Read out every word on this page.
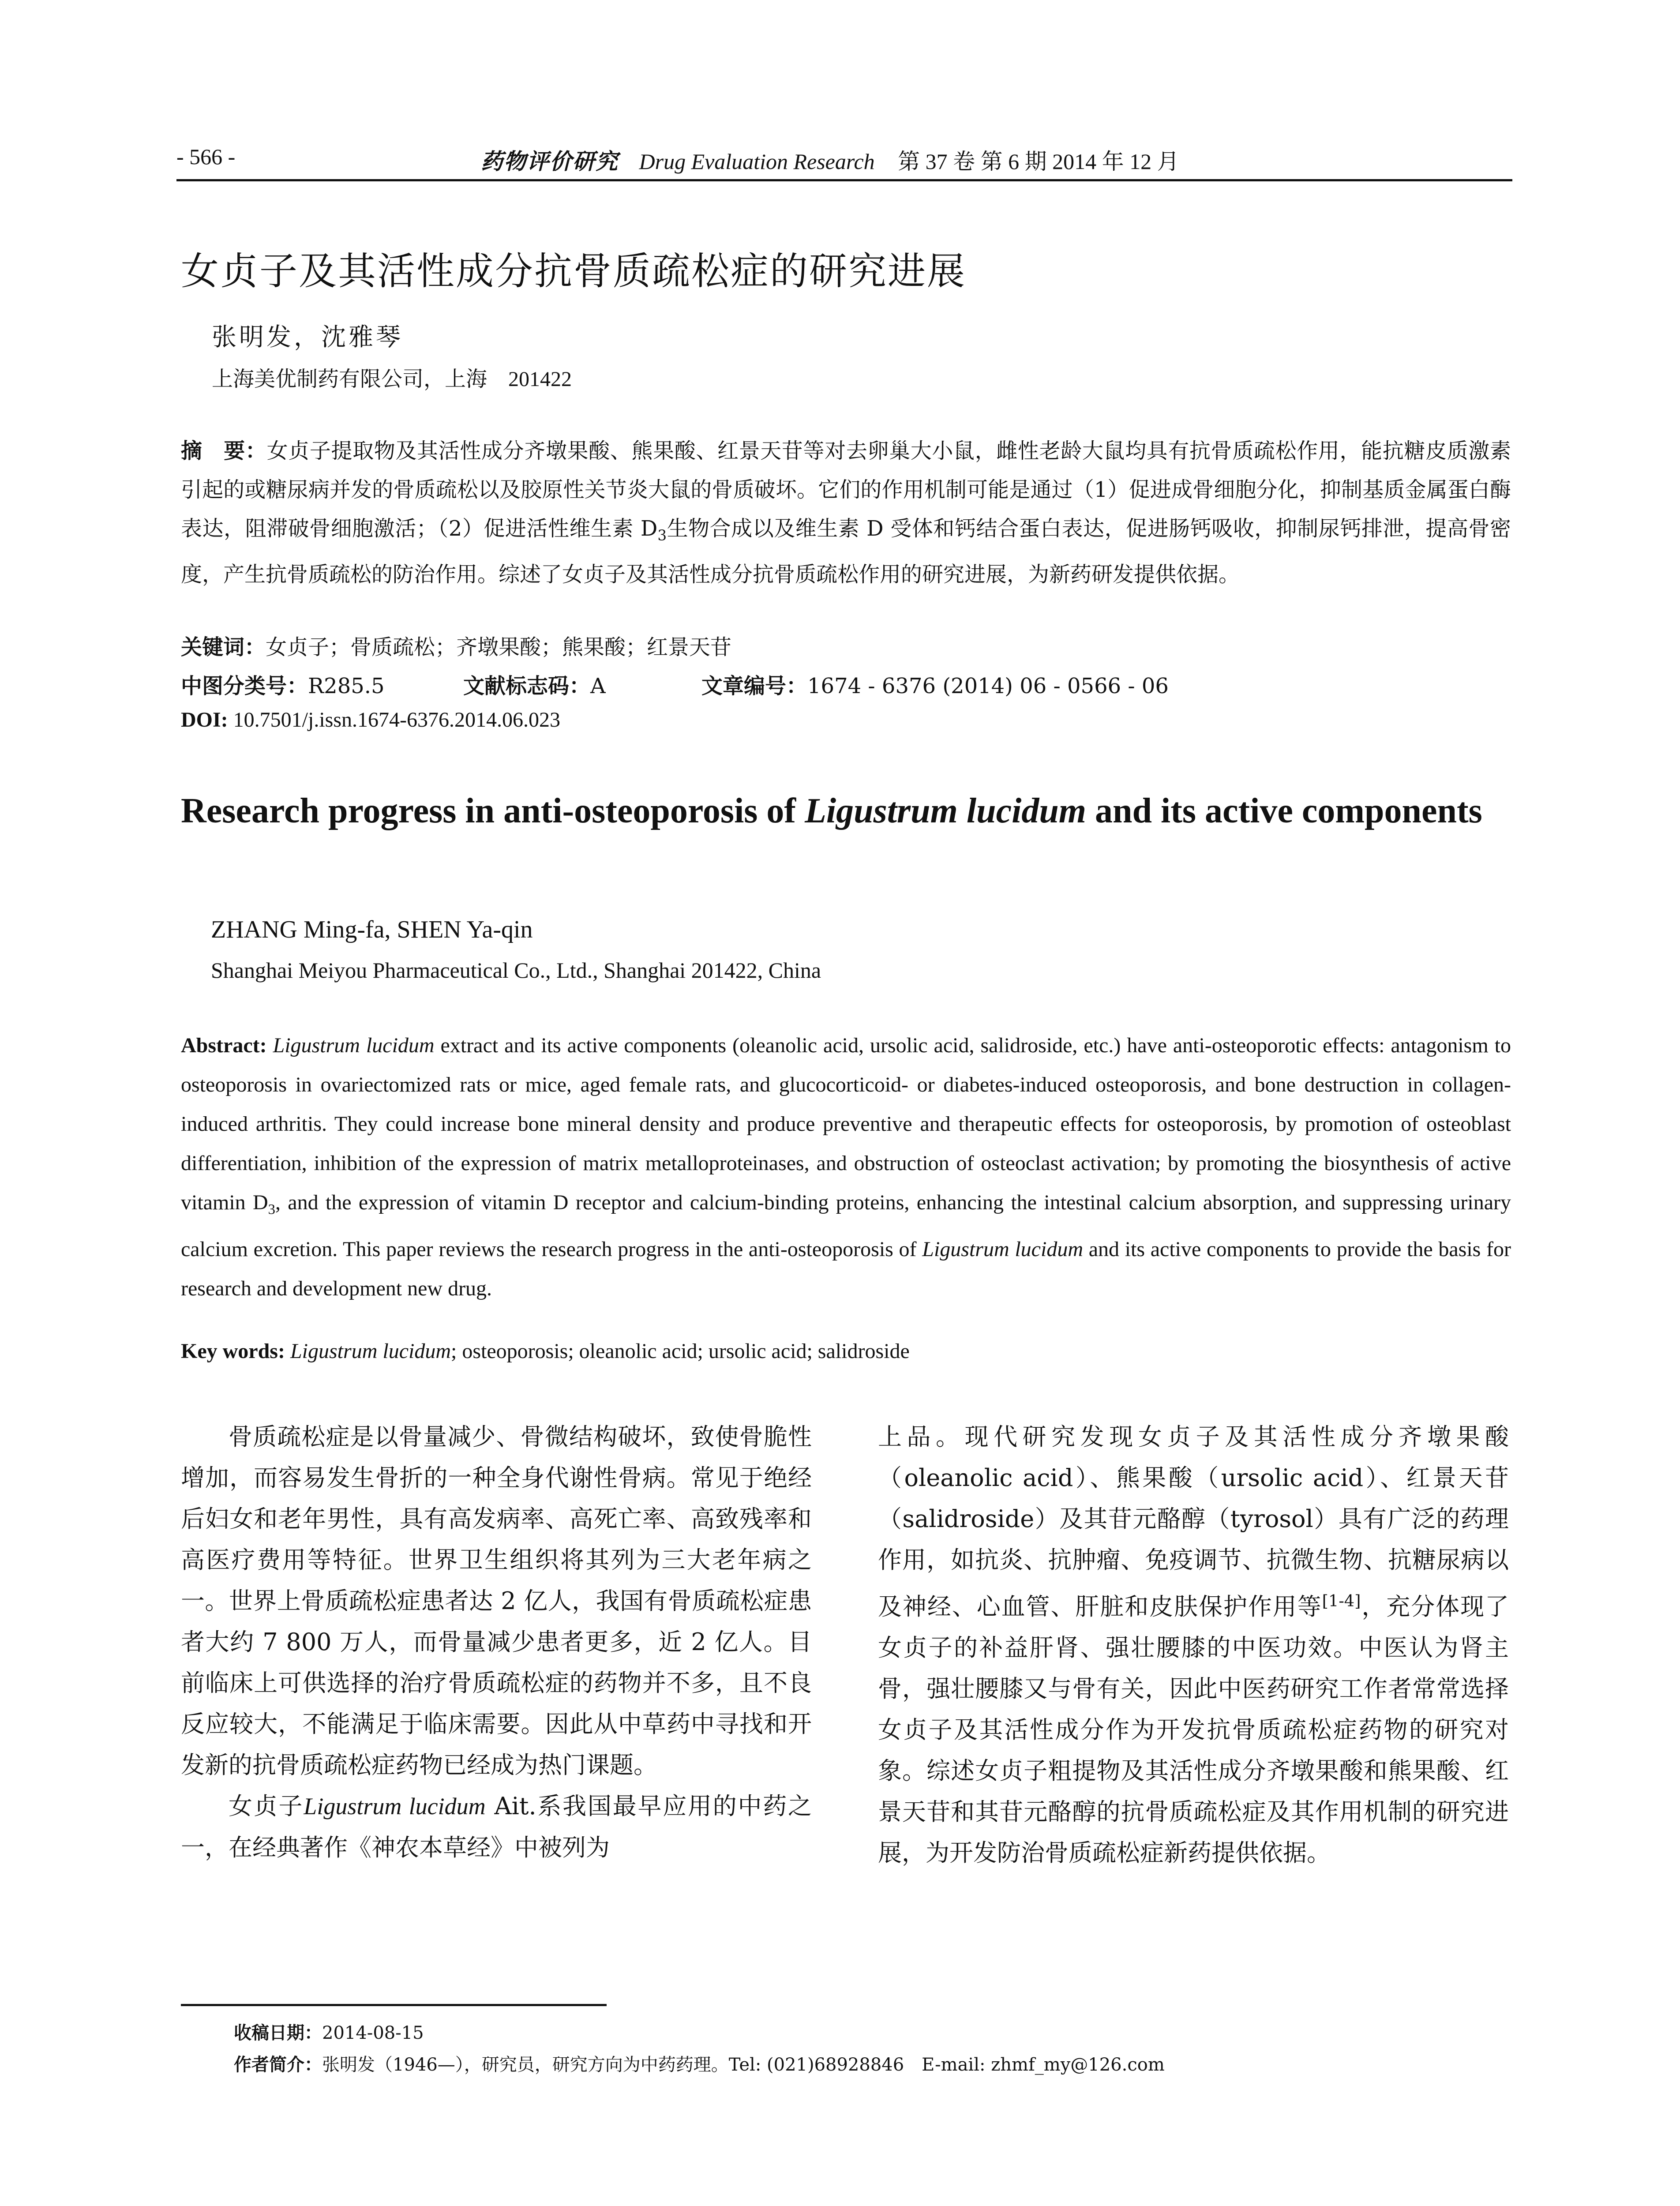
- 566 -	药物评价研究 Drug Evaluation Research 第 37 卷 第 6 期 2014 年 12 月
女贞子及其活性成分抗骨质疏松症的研究进展
张明发，沈雅琴
上海美优制药有限公司，上海 201422
摘　要：女贞子提取物及其活性成分齐墩果酸、熊果酸、红景天苷等对去卵巢大小鼠，雌性老龄大鼠均具有抗骨质疏松作用，能抗糖皮质激素引起的或糖尿病并发的骨质疏松以及胶原性关节炎大鼠的骨质破坏。它们的作用机制可能是通过（1）促进成骨细胞分化，抑制基质金属蛋白酶表达，阻滞破骨细胞激活；（2）促进活性维生素 $D_3$生物合成以及维生素 D 受体和钙结合蛋白表达，促进肠钙吸收，抑制尿钙排泄，提高骨密度，产生抗骨质疏松的防治作用。综述了女贞子及其活性成分抗骨质疏松作用的研究进展，为新药研发提供依据。
关键词：女贞子；骨质疏松；齐墩果酸；熊果酸；红景天苷
中图分类号：R285.5	文献标志码：A	文章编号：1674 - 6376 (2014) 06 - 0566 - 06
DOI: 10.7501/j.issn.1674-6376.2014.06.023
Research progress in anti-osteoporosis of Ligustrum lucidum and its active components
ZHANG Ming-fa, SHEN Ya-qin
Shanghai Meiyou Pharmaceutical Co., Ltd., Shanghai 201422, China
Abstract: Ligustrum lucidum extract and its active components (oleanolic acid, ursolic acid, salidroside, etc.) have anti-osteoporotic effects: antagonism to osteoporosis in ovariectomized rats or mice, aged female rats, and glucocorticoid- or diabetes-induced osteoporosis, and bone destruction in collagen-induced arthritis. They could increase bone mineral density and produce preventive and therapeutic effects for osteoporosis, by promotion of osteoblast differentiation, inhibition of the expression of matrix metalloproteinases, and obstruction of osteoclast activation; by promoting the biosynthesis of active vitamin $D_3$, and the expression of vitamin D receptor and calcium-binding proteins, enhancing the intestinal calcium absorption, and suppressing urinary calcium excretion. This paper reviews the research progress in the anti-osteoporosis of Ligustrum lucidum and its active components to provide the basis for research and development new drug.
Key words: Ligustrum lucidum; osteoporosis; oleanolic acid; ursolic acid; salidroside

骨质疏松症是以骨量减少、骨微结构破坏，致使骨脆性增加，而容易发生骨折的一种全身代谢性骨病。常见于绝经后妇女和老年男性，具有高发病率、高死亡率、高致残率和高医疗费用等特征。世界卫生组织将其列为三大老年病之一。世界上骨质疏松症患者达 2 亿人，我国有骨质疏松症患者大约 7 800 万人，而骨量减少患者更多，近 2 亿人。目前临床上可供选择的治疗骨质疏松症的药物并不多，且不良反应较大，不能满足于临床需要。因此从中草药中寻找和开发新的抗骨质疏松症药物已经成为热门课题。

女贞子Ligustrum lucidum Ait.系我国最早应用的中药之一，在经典著作《神农本草经》中被列为

上品。现代研究发现女贞子及其活性成分齐墩果酸（oleanolic acid）、熊果酸（ursolic acid）、红景天苷（salidroside）及其苷元酪醇（tyrosol）具有广泛的药理作用，如抗炎、抗肿瘤、免疫调节、抗微生物、抗糖尿病以及神经、心血管、肝脏和皮肤保护作用等[1-4]，充分体现了女贞子的补益肝肾、强壮腰膝的中医功效。中医认为肾主骨，强壮腰膝又与骨有关，因此中医药研究工作者常常选择女贞子及其活性成分作为开发抗骨质疏松症药物的研究对象。综述女贞子粗提物及其活性成分齐墩果酸和熊果酸、红景天苷和其苷元酪醇的抗骨质疏松症及其作用机制的研究进展，为开发防治骨质疏松症新药提供依据。

收稿日期：2014-08-15
作者简介：张明发（1946—），研究员，研究方向为中药药理。Tel: (021)68928846　E-mail: zhmf_my@126.com
